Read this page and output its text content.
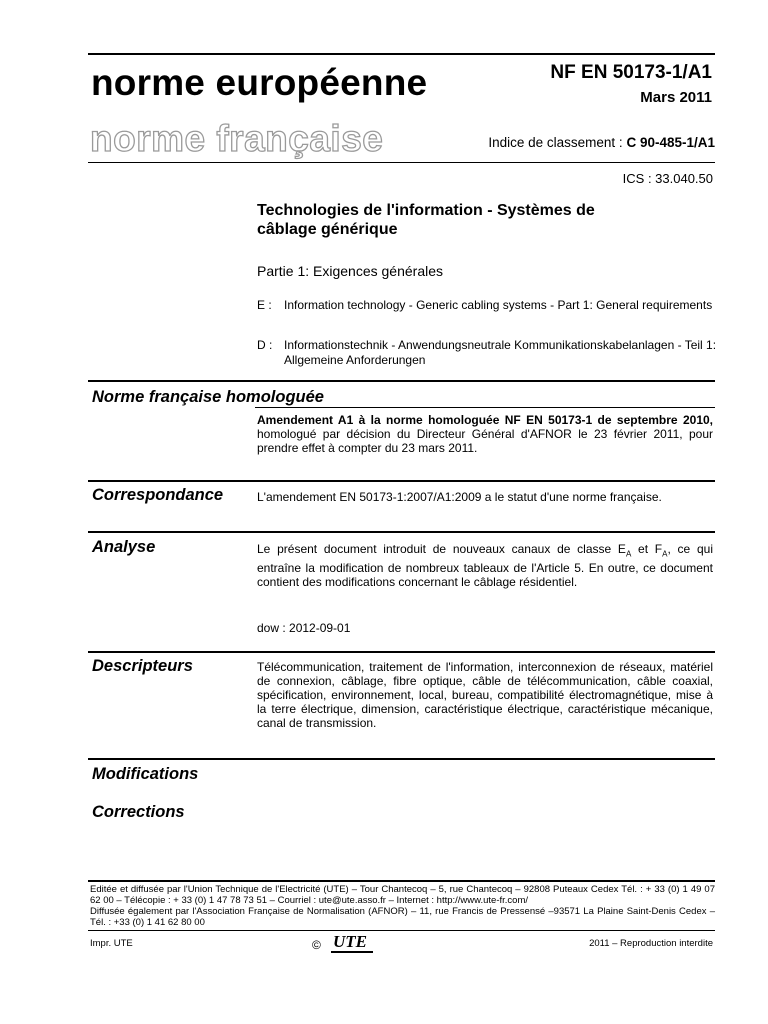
norme européenne
norme française
NF EN 50173-1/A1
Mars 2011
Indice de classement : C 90-485-1/A1
ICS : 33.040.50
Technologies de l'information - Systèmes de
câblage générique
Partie 1: Exigences générales
E : Information technology - Generic cabling systems - Part 1: General requirements
D : Informationstechnik - Anwendungsneutrale Kommunikationskabelanlagen - Teil 1: Allgemeine Anforderungen
Norme française homologuée
Amendement A1 à la norme homologuée NF EN 50173-1 de septembre 2010, homologué par décision du Directeur Général d'AFNOR le 23 février 2011, pour prendre effet à compter du 23 mars 2011.
Correspondance	L'amendement EN 50173-1:2007/A1:2009 a le statut d'une norme française.
Analyse	Le présent document introduit de nouveaux canaux de classe $E_A$ et $F_A$, ce qui entraîne la modification de nombreux tableaux de l'Article 5. En outre, ce document contient des modifications concernant le câblage résidentiel.
dow : 2012-09-01
Descripteurs	Télécommunication, traitement de l'information, interconnexion de réseaux, matériel de connexion, câblage, fibre optique, câble de télécommunication, câble coaxial, spécification, environnement, local, bureau, compatibilité électromagnétique, mise à la terre électrique, dimension, caractéristique électrique, caractéristique mécanique, canal de transmission.
Modifications
Corrections
Editée et diffusée par l'Union Technique de l'Electricité (UTE) – Tour Chantecoq – 5, rue Chantecoq – 92808 Puteaux Cedex Tél. : + 33 (0) 1 49 07 62 00 – Télécopie : + 33 (0) 1 47 78 73 51 – Courriel : ute@ute.asso.fr – Internet : http://www.ute-fr.com/
Diffusée également par l'Association Française de Normalisation (AFNOR) – 11, rue Francis de Pressensé –93571 La Plaine Saint-Denis Cedex – Tél. : +33 (0) 1 41 62 80 00
Impr. UTE	© UTE	2011 – Reproduction interdite
